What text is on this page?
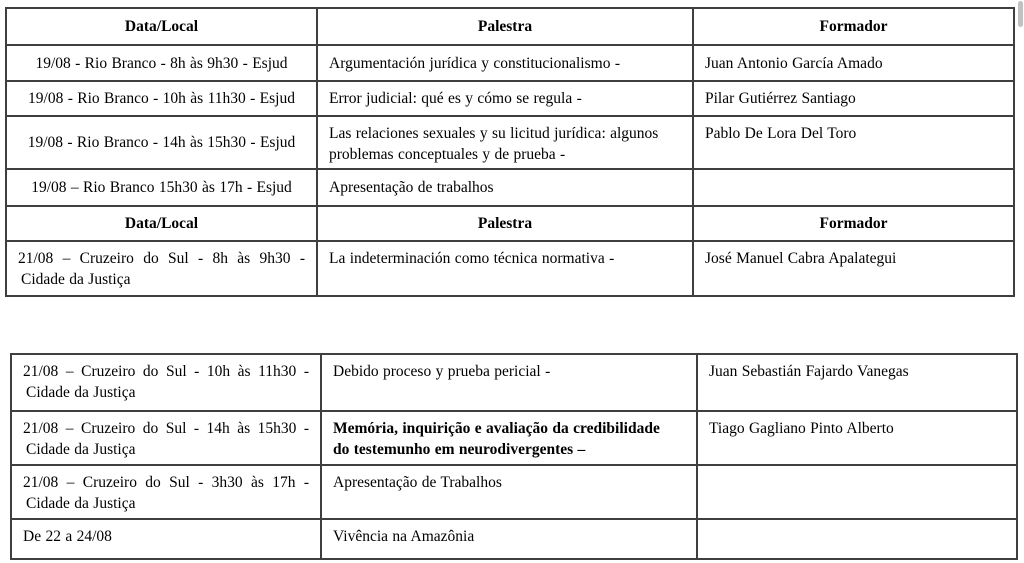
Data/Local	Palestra	Formador
19/08 - Rio Branco - 8h às 9h30 - Esjud	Argumentación jurídica y constitucionalismo -	Juan Antonio García Amado
19/08 - Rio Branco - 10h às 11h30 - Esjud	Error judicial: qué es y cómo se regula -	Pilar Gutiérrez Santiago
19/08 - Rio Branco - 14h às 15h30 - Esjud	Las relaciones sexuales y su licitud jurídica: algunos
problemas conceptuales y de prueba -	Pablo De Lora Del Toro
19/08 – Rio Branco 15h30 às 17h - Esjud	Apresentação de trabalhos	
Data/Local	Palestra	Formador

21/08 – Cruzeiro do Sul - 8h às 9h30 -
Cidade da Justiça	La indeterminación como técnica normativa -	José Manuel Cabra Apalategui
21/08 – Cruzeiro do Sul - 10h às 11h30 -
Cidade da Justiça	Debido proceso y prueba pericial -	Juan Sebastián Fajardo Vanegas

21/08 – Cruzeiro do Sul - 14h às 15h30 -
Cidade da Justiça	Memória, inquirição e avaliação da credibilidade
do testemunho em neurodivergentes –	Tiago Gagliano Pinto Alberto

21/08 – Cruzeiro do Sul - 3h30 às 17h -
Cidade da Justiça	Apresentação de Trabalhos	
De 22 a 24/08	Vivência na Amazônia	
